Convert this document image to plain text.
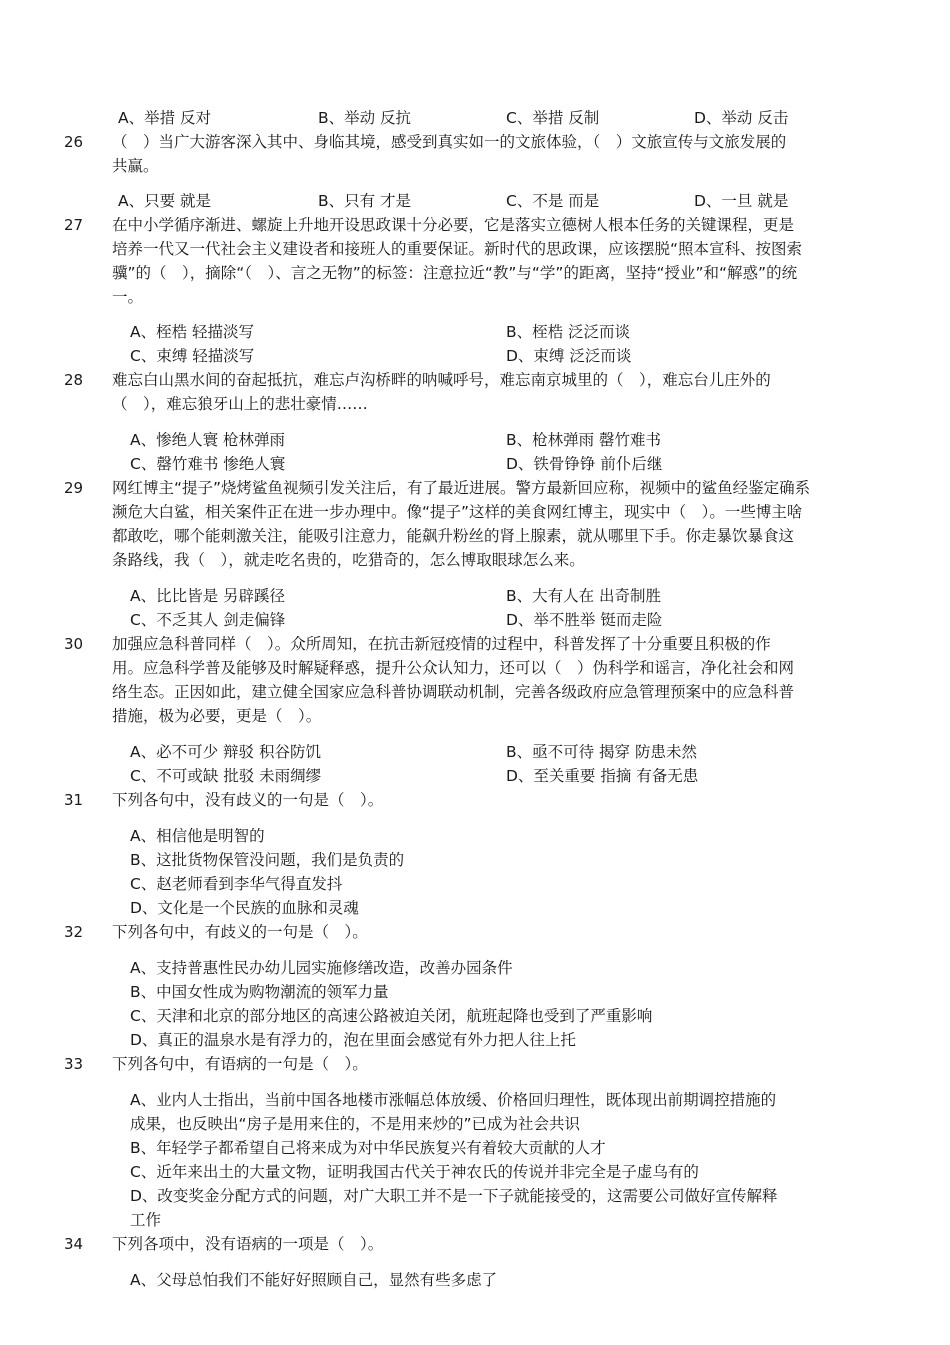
A、举措 反对	B、举动 反抗	C、举措 反制	D、举动 反击
26	（　）当广大游客深入其中、身临其境，感受到真实如一的文旅体验，（　）文旅宣传与文旅发展的
共赢。
A、只要 就是	B、只有 才是	C、不是 而是	D、一旦 就是
27	在中小学循序渐进、螺旋上升地开设思政课十分必要，它是落实立德树人根本任务的关键课程，更是
培养一代又一代社会主义建设者和接班人的重要保证。新时代的思政课，应该摆脱“照本宣科、按图索
骥”的（　），摘除“（　）、言之无物”的标签：注意拉近“教”与“学”的距离，坚持“授业”和“解惑”的统
一。
A、桎梏 轻描淡写	B、桎梏 泛泛而谈
C、束缚 轻描淡写	D、束缚 泛泛而谈
28	难忘白山黑水间的奋起抵抗，难忘卢沟桥畔的呐喊呼号，难忘南京城里的（　），难忘台儿庄外的
（　），难忘狼牙山上的悲壮豪情……
A、惨绝人寰 枪林弹雨	B、枪林弹雨 罄竹难书
C、罄竹难书 惨绝人寰	D、铁骨铮铮 前仆后继
29	网红博主“提子”烧烤鲨鱼视频引发关注后，有了最近进展。警方最新回应称，视频中的鲨鱼经鉴定确系
濒危大白鲨，相关案件正在进一步办理中。像“提子”这样的美食网红博主，现实中（　）。一些博主啥
都敢吃，哪个能刺激关注，能吸引注意力，能飙升粉丝的肾上腺素，就从哪里下手。你走暴饮暴食这
条路线，我（　），就走吃名贵的，吃猎奇的，怎么博取眼球怎么来。
A、比比皆是 另辟蹊径	B、大有人在 出奇制胜
C、不乏其人 剑走偏锋	D、举不胜举 铤而走险
30	加强应急科普同样（　）。众所周知，在抗击新冠疫情的过程中，科普发挥了十分重要且积极的作
用。应急科学普及能够及时解疑释惑，提升公众认知力，还可以（　）伪科学和谣言，净化社会和网
络生态。正因如此，建立健全国家应急科普协调联动机制，完善各级政府应急管理预案中的应急科普
措施，极为必要，更是（　）。
A、必不可少 辩驳 积谷防饥	B、亟不可待 揭穿 防患未然
C、不可或缺 批驳 未雨绸缪	D、至关重要 指摘 有备无患
31	下列各句中，没有歧义的一句是（　）。
A、相信他是明智的
B、这批货物保管没问题，我们是负责的
C、赵老师看到李华气得直发抖
D、文化是一个民族的血脉和灵魂
32	下列各句中，有歧义的一句是（　）。
A、支持普惠性民办幼儿园实施修缮改造，改善办园条件
B、中国女性成为购物潮流的领军力量
C、天津和北京的部分地区的高速公路被迫关闭，航班起降也受到了严重影响
D、真正的温泉水是有浮力的，泡在里面会感觉有外力把人往上托
33	下列各句中，有语病的一句是（　）。
A、业内人士指出，当前中国各地楼市涨幅总体放缓、价格回归理性，既体现出前期调控措施的
成果，也反映出“房子是用来住的，不是用来炒的”已成为社会共识
B、年轻学子都希望自己将来成为对中华民族复兴有着较大贡献的人才
C、近年来出土的大量文物，证明我国古代关于神农氏的传说并非完全是子虚乌有的
D、改变奖金分配方式的问题，对广大职工并不是一下子就能接受的，这需要公司做好宣传解释
工作
34	下列各项中，没有语病的一项是（　）。
A、父母总怕我们不能好好照顾自己，显然有些多虑了
